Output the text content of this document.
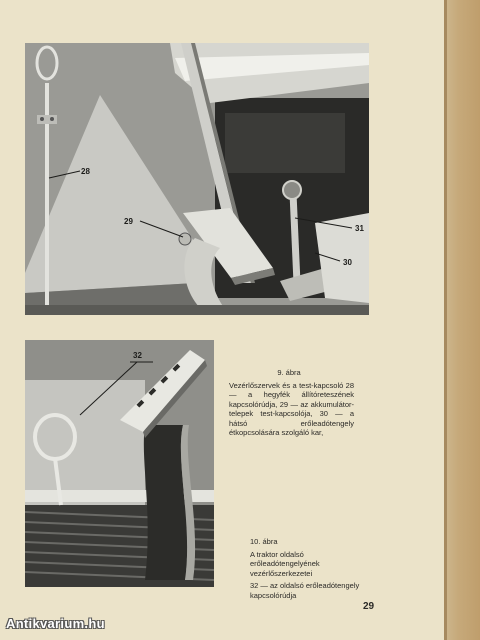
28
29
31
30
32
9. ábra
Vezérlőszervek és a test-kapcsoló 28 — a hegyfék állítóreteszének kapcsolórúdja, 29 — az akkumulátor-telepek test-kapcsolója, 30 — a hátsó erőleadótengely étkopcsolására szolgáló kar,
10. ábra
A traktor oldalsó
erőleadótengelyének
vezérlőszerkezetei
32 — az oldalsó erőleadótengely
kapcsolórúdja
29
Antikvarium.hu
